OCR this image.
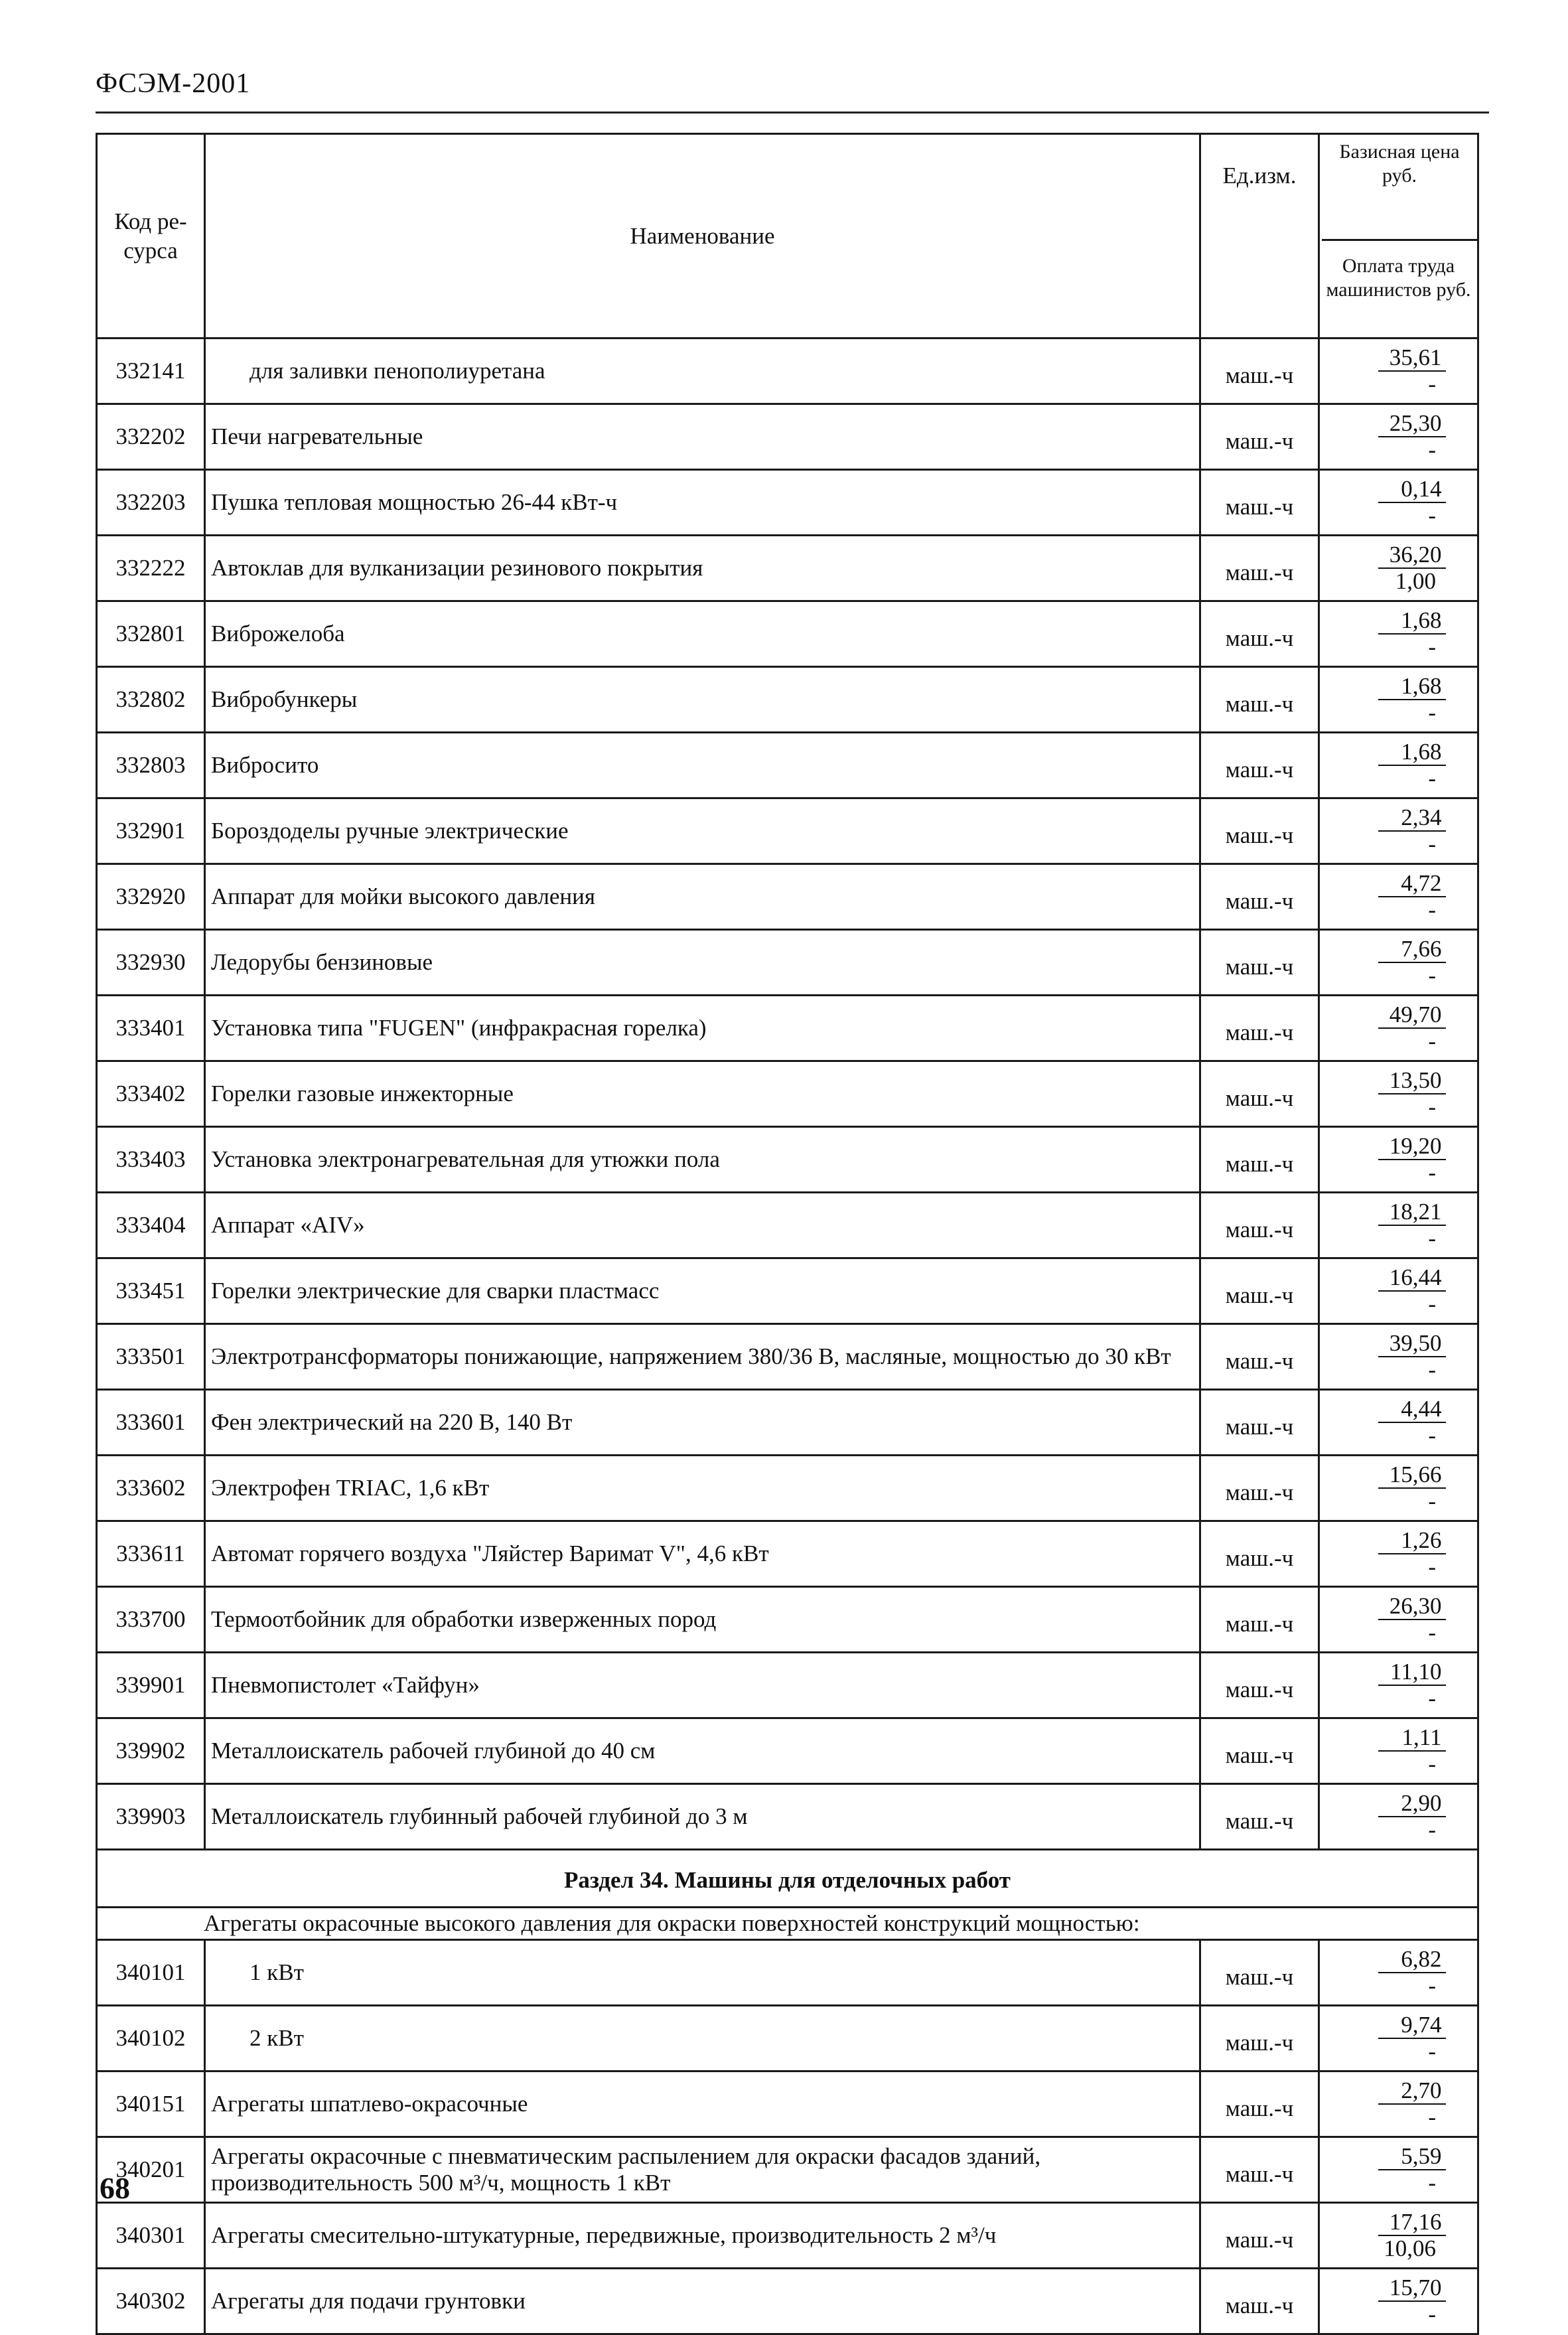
ФСЭМ-2001
Код ре-сурса	Наименование	Ед.изм.	Базисная цена руб.
Оплата труда машинистов руб.

332141	для заливки пенополиуретана	маш.-ч	35,61
-

332202	Печи нагревательные	маш.-ч	25,30
-

332203	Пушка тепловая мощностью 26-44 кВт-ч	маш.-ч	0,14
-

332222	Автоклав для вулканизации резинового покрытия	маш.-ч	36,20
1,00

332801	Виброжелоба	маш.-ч	1,68
-

332802	Вибробункеры	маш.-ч	1,68
-

332803	Вибросито	маш.-ч	1,68
-

332901	Бороздоделы ручные электрические	маш.-ч	2,34
-

332920	Аппарат для мойки высокого давления	маш.-ч	4,72
-

332930	Ледорубы бензиновые	маш.-ч	7,66
-

333401	Установка типа "FUGEN" (инфракрасная горелка)	маш.-ч	49,70
-

333402	Горелки газовые инжекторные	маш.-ч	13,50
-

333403	Установка электронагревательная для утюжки пола	маш.-ч	19,20
-

333404	Аппарат «AIV»	маш.-ч	18,21
-

333451	Горелки электрические для сварки пластмасс	маш.-ч	16,44
-

333501	Электротрансформаторы понижающие, напряжением 380/36 В, масляные, мощностью до 30 кВт	маш.-ч	39,50
-

333601	Фен электрический на 220 В, 140 Вт	маш.-ч	4,44
-

333602	Электрофен TRIAC, 1,6 кВт	маш.-ч	15,66
-

333611	Автомат горячего воздуха "Ляйстер Варимат V", 4,6 кВт	маш.-ч	1,26
-

333700	Термоотбойник для обработки изверженных пород	маш.-ч	26,30
-

339901	Пневмопистолет «Тайфун»	маш.-ч	11,10
-

339902	Металлоискатель рабочей глубиной до 40 см	маш.-ч	1,11
-

339903	Металлоискатель глубинный рабочей глубиной до 3 м	маш.-ч	2,90
-

Раздел 34. Машины для отделочных работ			
Агрегаты окрасочные высокого давления для окраски поверхностей конструкций мощностью:			
340101	1 кВт	маш.-ч	6,82
-

340102	2 кВт	маш.-ч	9,74
-

340151	Агрегаты шпатлево-окрасочные	маш.-ч	2,70
-

340201	Агрегаты окрасочные с пневматическим распылением для окраски фасадов зданий, производительность 500 м³/ч, мощность 1 кВт	маш.-ч	5,59
-

340301	Агрегаты смесительно-штукатурные, передвижные, производительность 2 м³/ч	маш.-ч	17,16
10,06

340302	Агрегаты для подачи грунтовки	маш.-ч	15,70
-
68
